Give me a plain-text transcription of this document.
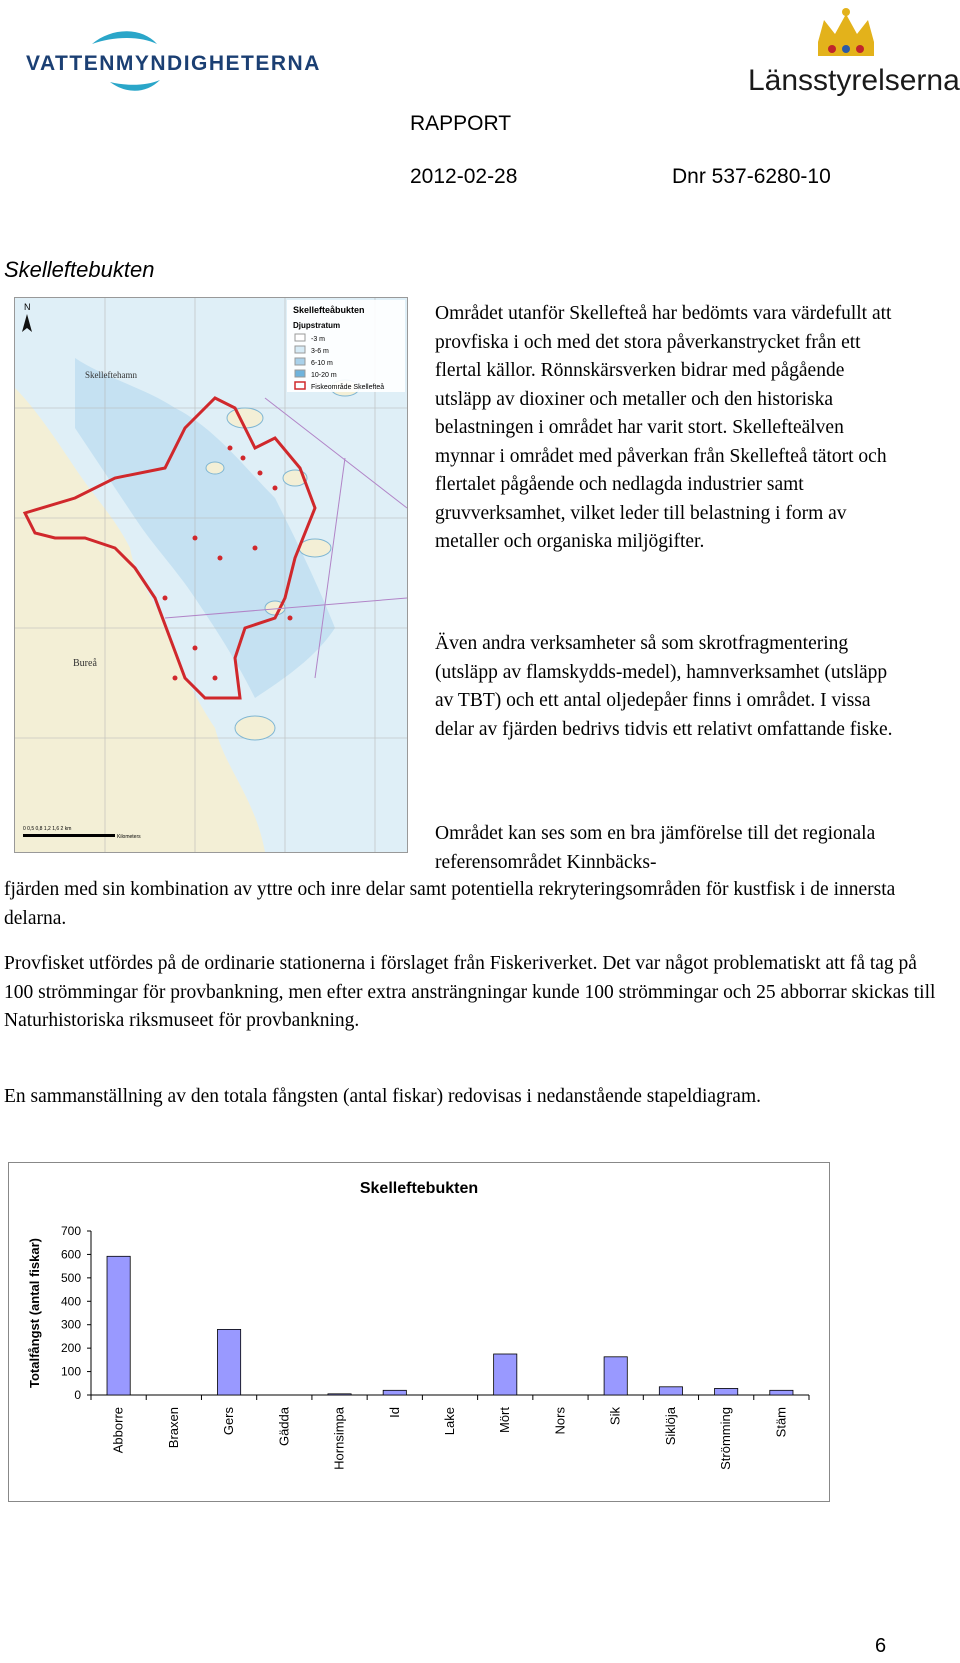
VATTENMYNDIGHETERNA
Länsstyrelserna
RAPPORT
2012-02-28	Dnr 537-6280-10
Skelleftebukten
Skelleftehamn
Bureå
N	Skellefteåbukten
Djupstratum
-3 m
3-6 m
6-10 m
10-20 m
Fiskeområde Skellefteå
0 0,5 0,8 1,2 1,6 2 km
Kilometers

Området utanför Skellefteå har bedömts vara värdefullt att provfiska i och med det stora påverkanstrycket från ett flertal källor. Rönnskärsverken bidrar med pågående utsläpp av dioxiner och metaller och den historiska belastningen i området har varit stort. Skellefteälven mynnar i området med påverkan från Skellefteå tätort och flertalet pågående och nedlagda industrier samt gruvverksamhet, vilket leder till belastning i form av metaller och organiska miljögifter.

Även andra verksamheter så som skrotfragmentering (utsläpp av flamskydds-medel), hamnverksamhet (utsläpp av TBT) och ett antal oljedepåer finns i området. I vissa delar av fjärden bedrivs tidvis ett relativt omfattande fiske.

Området kan ses som en bra jämförelse till det regionala referensområdet Kinnbäcks-

fjärden med sin kombination av yttre och inre delar samt potentiella rekryteringsområden för kustfisk i de innersta delarna.

Provfisket utfördes på de ordinarie stationerna i förslaget från Fiskeriverket. Det var något problematiskt att få tag på 100 strömmingar för provbankning, men efter extra ansträngningar kunde 100 strömmingar och 25 abborrar skickas till Naturhistoriska riksmuseet för provbankning.

En sammanställning av den totala fångsten (antal fiskar) redovisas i nedanstående stapeldiagram.

Skelleftebukten
Totalfångst (antal fiskar)
0
100
200
300
400
500
600
700
Abborre	Braxen	Gers	Gädda	Hornsimpa	Id	Lake	Mört	Nors	Sik	Siklöja	Strömming	Stäm
6
